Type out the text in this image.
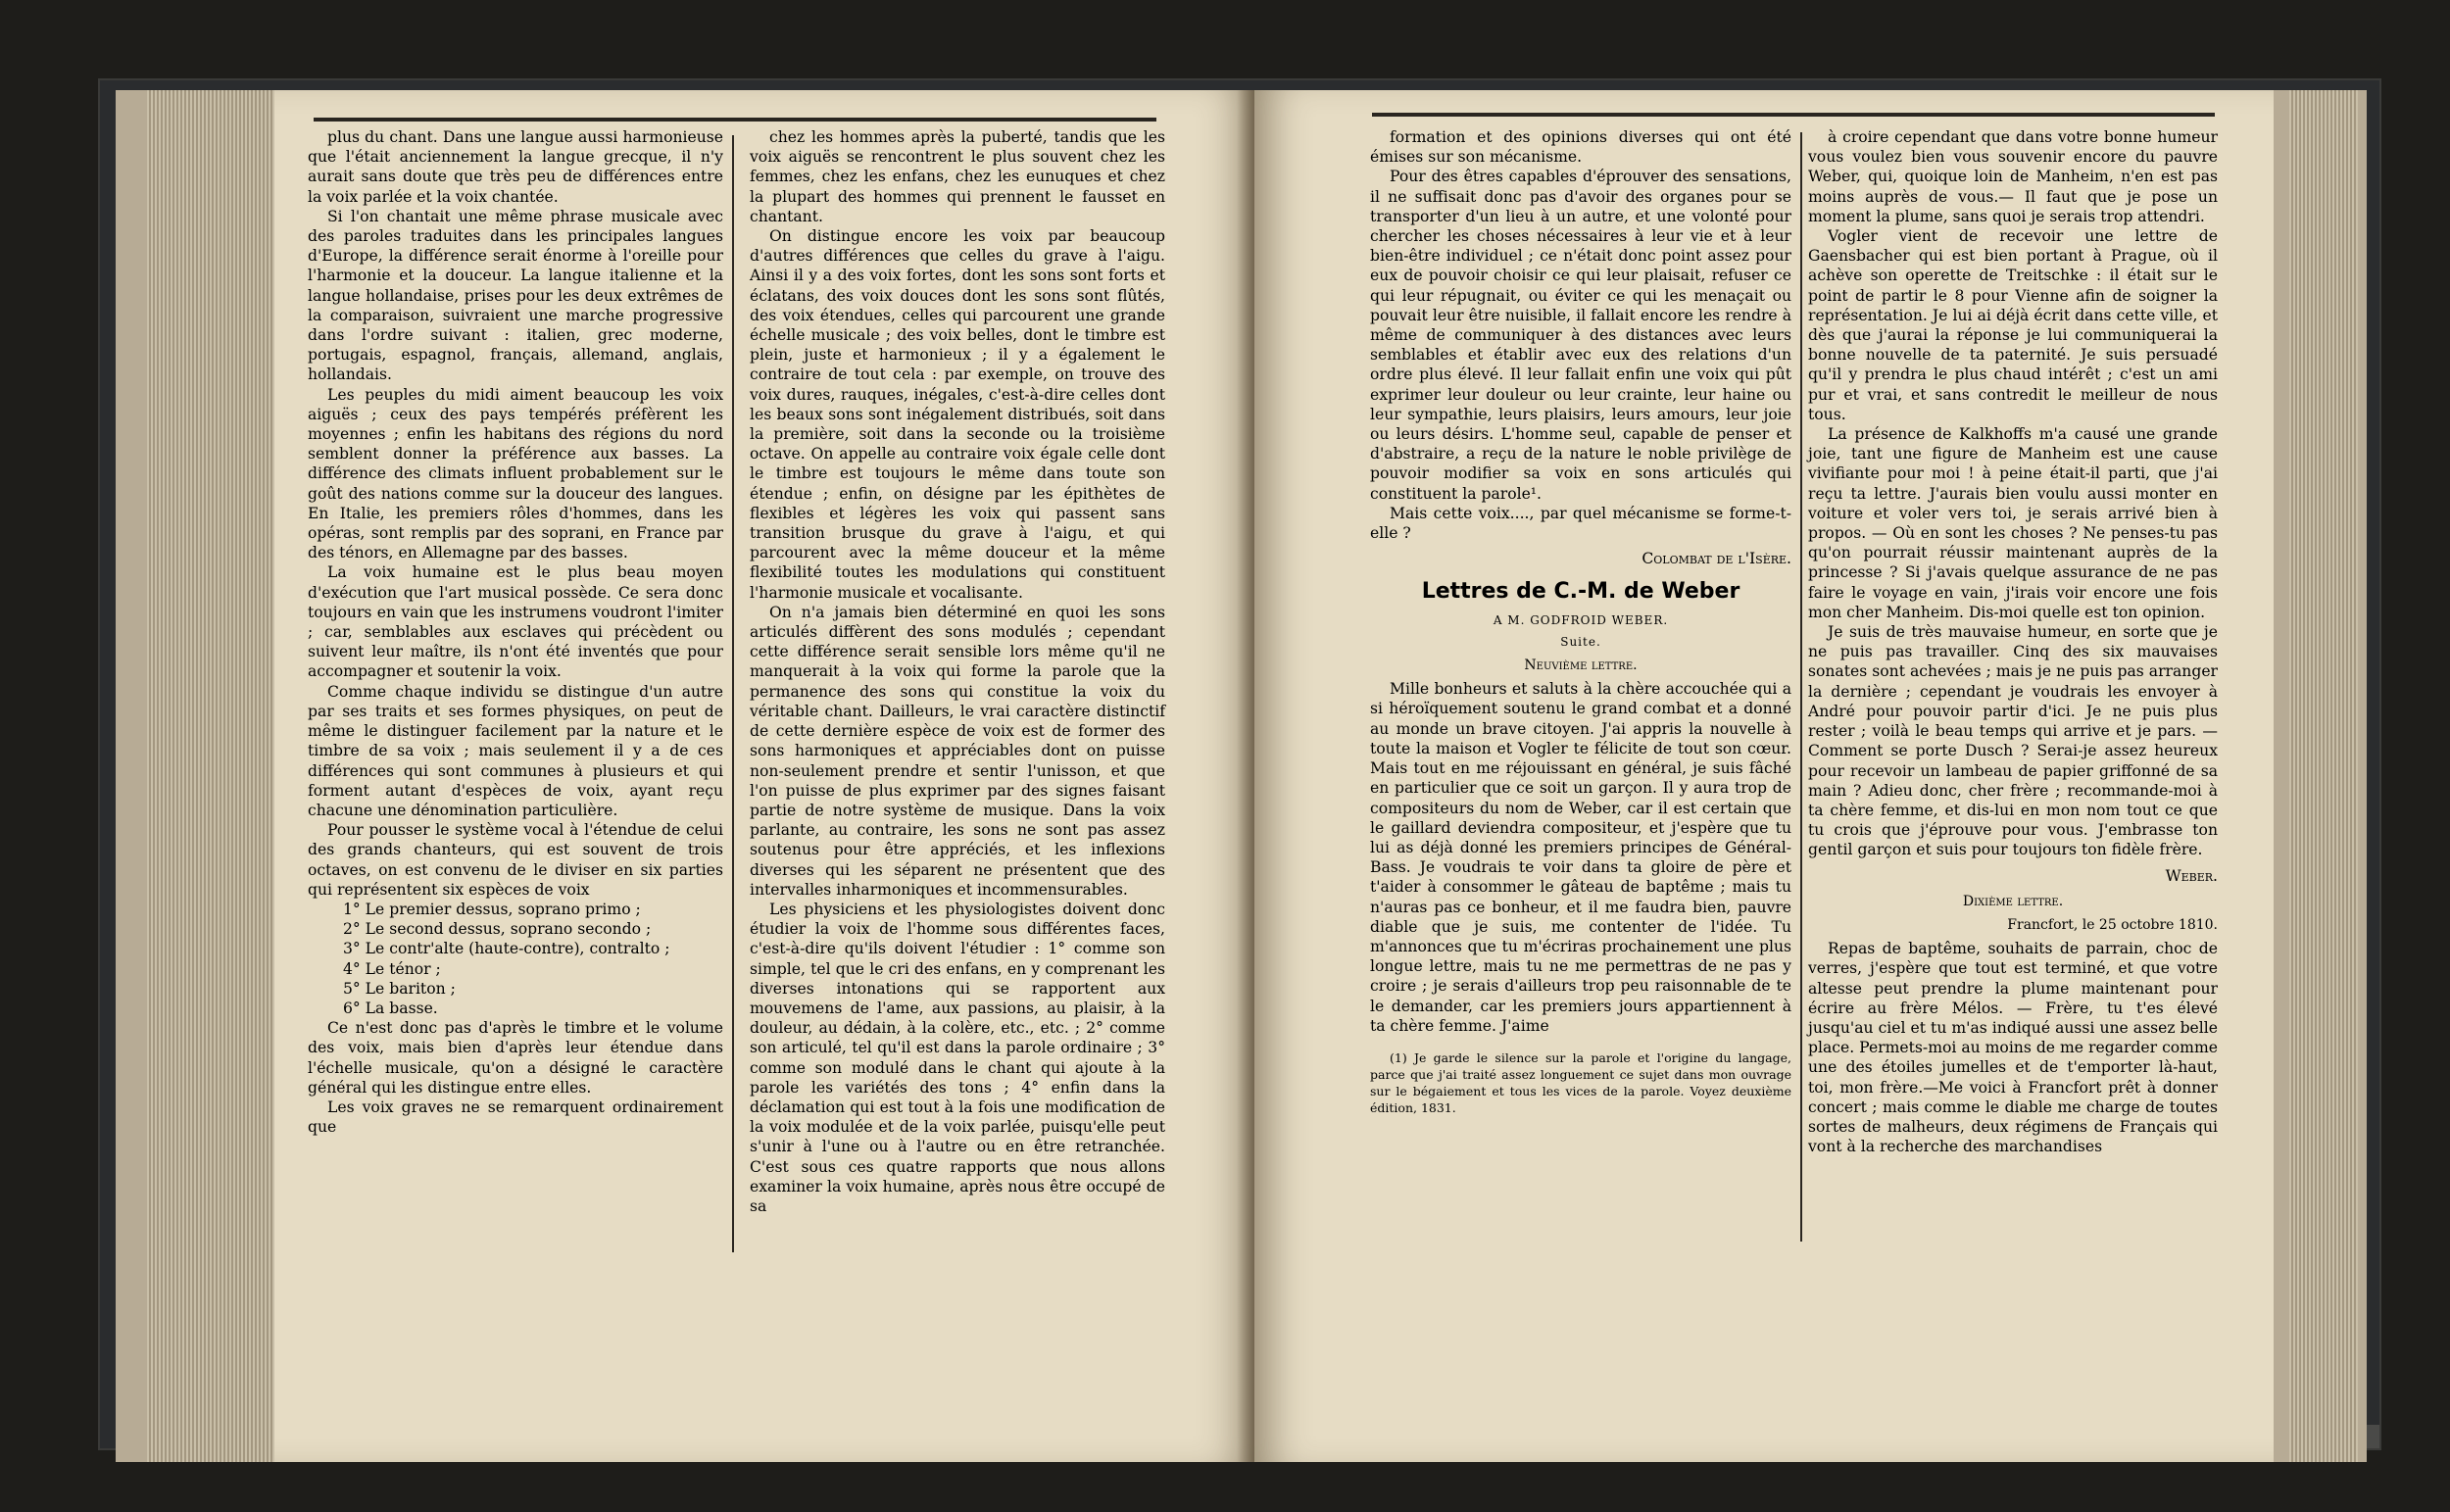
plus du chant. Dans une langue aussi harmonieuse que l'était anciennement la langue grecque, il n'y aurait sans doute que très peu de différences entre la voix parlée et la voix chantée.

Si l'on chantait une même phrase musicale avec des paroles traduites dans les principales langues d'Europe, la différence serait énorme à l'oreille pour l'harmonie et la douceur. La langue italienne et la langue hollandaise, prises pour les deux extrêmes de la comparaison, suivraient une marche progressive dans l'ordre suivant : italien, grec moderne, portugais, espagnol, français, allemand, anglais, hollandais.

Les peuples du midi aiment beaucoup les voix aiguës ; ceux des pays tempérés préfèrent les moyennes ; enfin les habitans des régions du nord semblent donner la préférence aux basses. La différence des climats influent probablement sur le goût des nations comme sur la douceur des langues. En Italie, les premiers rôles d'hommes, dans les opéras, sont remplis par des soprani, en France par des ténors, en Allemagne par des basses.

La voix humaine est le plus beau moyen d'exécution que l'art musical possède. Ce sera donc toujours en vain que les instrumens voudront l'imiter ; car, semblables aux esclaves qui précèdent ou suivent leur maître, ils n'ont été inventés que pour accompagner et soutenir la voix.

Comme chaque individu se distingue d'un autre par ses traits et ses formes physiques, on peut de même le distinguer facilement par la nature et le timbre de sa voix ; mais seulement il y a de ces différences qui sont communes à plusieurs et qui forment autant d'espèces de voix, ayant reçu chacune une dénomination particulière.

Pour pousser le système vocal à l'étendue de celui des grands chanteurs, qui est souvent de trois octaves, on est convenu de le diviser en six parties qui représentent six espèces de voix

1° Le premier dessus, soprano primo ;

2° Le second dessus, soprano secondo ;

3° Le contr'alte (haute-contre), contralto ;

4° Le ténor ;

5° Le bariton ;

6° La basse.

Ce n'est donc pas d'après le timbre et le volume des voix, mais bien d'après leur étendue dans l'échelle musicale, qu'on a désigné le caractère général qui les distingue entre elles.

Les voix graves ne se remarquent ordinairement que

chez les hommes après la puberté, tandis que les voix aiguës se rencontrent le plus souvent chez les femmes, chez les enfans, chez les eunuques et chez la plupart des hommes qui prennent le fausset en chantant.

On distingue encore les voix par beaucoup d'autres différences que celles du grave à l'aigu. Ainsi il y a des voix fortes, dont les sons sont forts et éclatans, des voix douces dont les sons sont flûtés, des voix étendues, celles qui parcourent une grande échelle musicale ; des voix belles, dont le timbre est plein, juste et harmonieux ; il y a également le contraire de tout cela : par exemple, on trouve des voix dures, rauques, inégales, c'est-à-dire celles dont les beaux sons sont inégalement distribués, soit dans la première, soit dans la seconde ou la troisième octave. On appelle au contraire voix égale celle dont le timbre est toujours le même dans toute son étendue ; enfin, on désigne par les épithètes de flexibles et légères les voix qui passent sans transition brusque du grave à l'aigu, et qui parcourent avec la même douceur et la même flexibilité toutes les modulations qui constituent l'harmonie musicale et vocalisante.

On n'a jamais bien déterminé en quoi les sons articulés diffèrent des sons modulés ; cependant cette différence serait sensible lors même qu'il ne manquerait à la voix qui forme la parole que la permanence des sons qui constitue la voix du véritable chant. Dailleurs, le vrai caractère distinctif de cette dernière espèce de voix est de former des sons harmoniques et appréciables dont on puisse non-seulement prendre et sentir l'unisson, et que l'on puisse de plus exprimer par des signes faisant partie de notre système de musique. Dans la voix parlante, au contraire, les sons ne sont pas assez soutenus pour être appréciés, et les inflexions diverses qui les séparent ne présentent que des intervalles inharmoniques et incommensurables.

Les physiciens et les physiologistes doivent donc étudier la voix de l'homme sous différentes faces, c'est-à-dire qu'ils doivent l'étudier : 1° comme son simple, tel que le cri des enfans, en y comprenant les diverses intonations qui se rapportent aux mouvemens de l'ame, aux passions, au plaisir, à la douleur, au dédain, à la colère, etc., etc. ; 2° comme son articulé, tel qu'il est dans la parole ordinaire ; 3° comme son modulé dans le chant qui ajoute à la parole les variétés des tons ; 4° enfin dans la déclamation qui est tout à la fois une modification de la voix modulée et de la voix parlée, puisqu'elle peut s'unir à l'une ou à l'autre ou en être retranchée. C'est sous ces quatre rapports que nous allons examiner la voix humaine, après nous être occupé de sa

formation et des opinions diverses qui ont été émises sur son mécanisme.

Pour des êtres capables d'éprouver des sensations, il ne suffisait donc pas d'avoir des organes pour se transporter d'un lieu à un autre, et une volonté pour chercher les choses nécessaires à leur vie et à leur bien-être individuel ; ce n'était donc point assez pour eux de pouvoir choisir ce qui leur plaisait, refuser ce qui leur répugnait, ou éviter ce qui les menaçait ou pouvait leur être nuisible, il fallait encore les rendre à même de communiquer à des distances avec leurs semblables et établir avec eux des relations d'un ordre plus élevé. Il leur fallait enfin une voix qui pût exprimer leur douleur ou leur crainte, leur haine ou leur sympathie, leurs plaisirs, leurs amours, leur joie ou leurs désirs. L'homme seul, capable de penser et d'abstraire, a reçu de la nature le noble privilège de pouvoir modifier sa voix en sons articulés qui constituent la parole¹.

Mais cette voix...., par quel mécanisme se forme-t-elle ?

Colombat de l'Isère.

Lettres de C.-M. de Weber

A M. GODFROID WEBER.

Suite.

Neuvième lettre.

Mille bonheurs et saluts à la chère accouchée qui a si héroïquement soutenu le grand combat et a donné au monde un brave citoyen. J'ai appris la nouvelle à toute la maison et Vogler te félicite de tout son cœur. Mais tout en me réjouissant en général, je suis fâché en particulier que ce soit un garçon. Il y aura trop de compositeurs du nom de Weber, car il est certain que le gaillard deviendra compositeur, et j'espère que tu lui as déjà donné les premiers principes de Général-Bass. Je voudrais te voir dans ta gloire de père et t'aider à consommer le gâteau de baptême ; mais tu n'auras pas ce bonheur, et il me faudra bien, pauvre diable que je suis, me contenter de l'idée. Tu m'annonces que tu m'écriras prochainement une plus longue lettre, mais tu ne me permettras de ne pas y croire ; je serais d'ailleurs trop peu raisonnable de te le demander, car les premiers jours appartiennent à ta chère femme. J'aime

(1) Je garde le silence sur la parole et l'origine du langage, parce que j'ai traité assez longuement ce sujet dans mon ouvrage sur le bégaiement et tous les vices de la parole. Voyez deuxième édition, 1831.

à croire cependant que dans votre bonne humeur vous voulez bien vous souvenir encore du pauvre Weber, qui, quoique loin de Manheim, n'en est pas moins auprès de vous.— Il faut que je pose un moment la plume, sans quoi je serais trop attendri.

Vogler vient de recevoir une lettre de Gaensbacher qui est bien portant à Prague, où il achève son operette de Treitschke : il était sur le point de partir le 8 pour Vienne afin de soigner la représentation. Je lui ai déjà écrit dans cette ville, et dès que j'aurai la réponse je lui communiquerai la bonne nouvelle de ta paternité. Je suis persuadé qu'il y prendra le plus chaud intérêt ; c'est un ami pur et vrai, et sans contredit le meilleur de nous tous.

La présence de Kalkhoffs m'a causé une grande joie, tant une figure de Manheim est une cause vivifiante pour moi ! à peine était-il parti, que j'ai reçu ta lettre. J'aurais bien voulu aussi monter en voiture et voler vers toi, je serais arrivé bien à propos. — Où en sont les choses ? Ne penses-tu pas qu'on pourrait réussir maintenant auprès de la princesse ? Si j'avais quelque assurance de ne pas faire le voyage en vain, j'irais voir encore une fois mon cher Manheim. Dis-moi quelle est ton opinion.

Je suis de très mauvaise humeur, en sorte que je ne puis pas travailler. Cinq des six mauvaises sonates sont achevées ; mais je ne puis pas arranger la dernière ; cependant je voudrais les envoyer à André pour pouvoir partir d'ici. Je ne puis plus rester ; voilà le beau temps qui arrive et je pars. — Comment se porte Dusch ? Serai-je assez heureux pour recevoir un lambeau de papier griffonné de sa main ? Adieu donc, cher frère ; recommande-moi à ta chère femme, et dis-lui en mon nom tout ce que tu crois que j'éprouve pour vous. J'embrasse ton gentil garçon et suis pour toujours ton fidèle frère.

Weber.

Dixième lettre.

Francfort, le 25 octobre 1810.

Repas de baptême, souhaits de parrain, choc de verres, j'espère que tout est terminé, et que votre altesse peut prendre la plume maintenant pour écrire au frère Mélos. — Frère, tu t'es élevé jusqu'au ciel et tu m'as indiqué aussi une assez belle place. Permets-moi au moins de me regarder comme une des étoiles jumelles et de t'emporter là-haut, toi, mon frère.—Me voici à Francfort prêt à donner concert ; mais comme le diable me charge de toutes sortes de malheurs, deux régimens de Français qui vont à la recherche des marchandises
